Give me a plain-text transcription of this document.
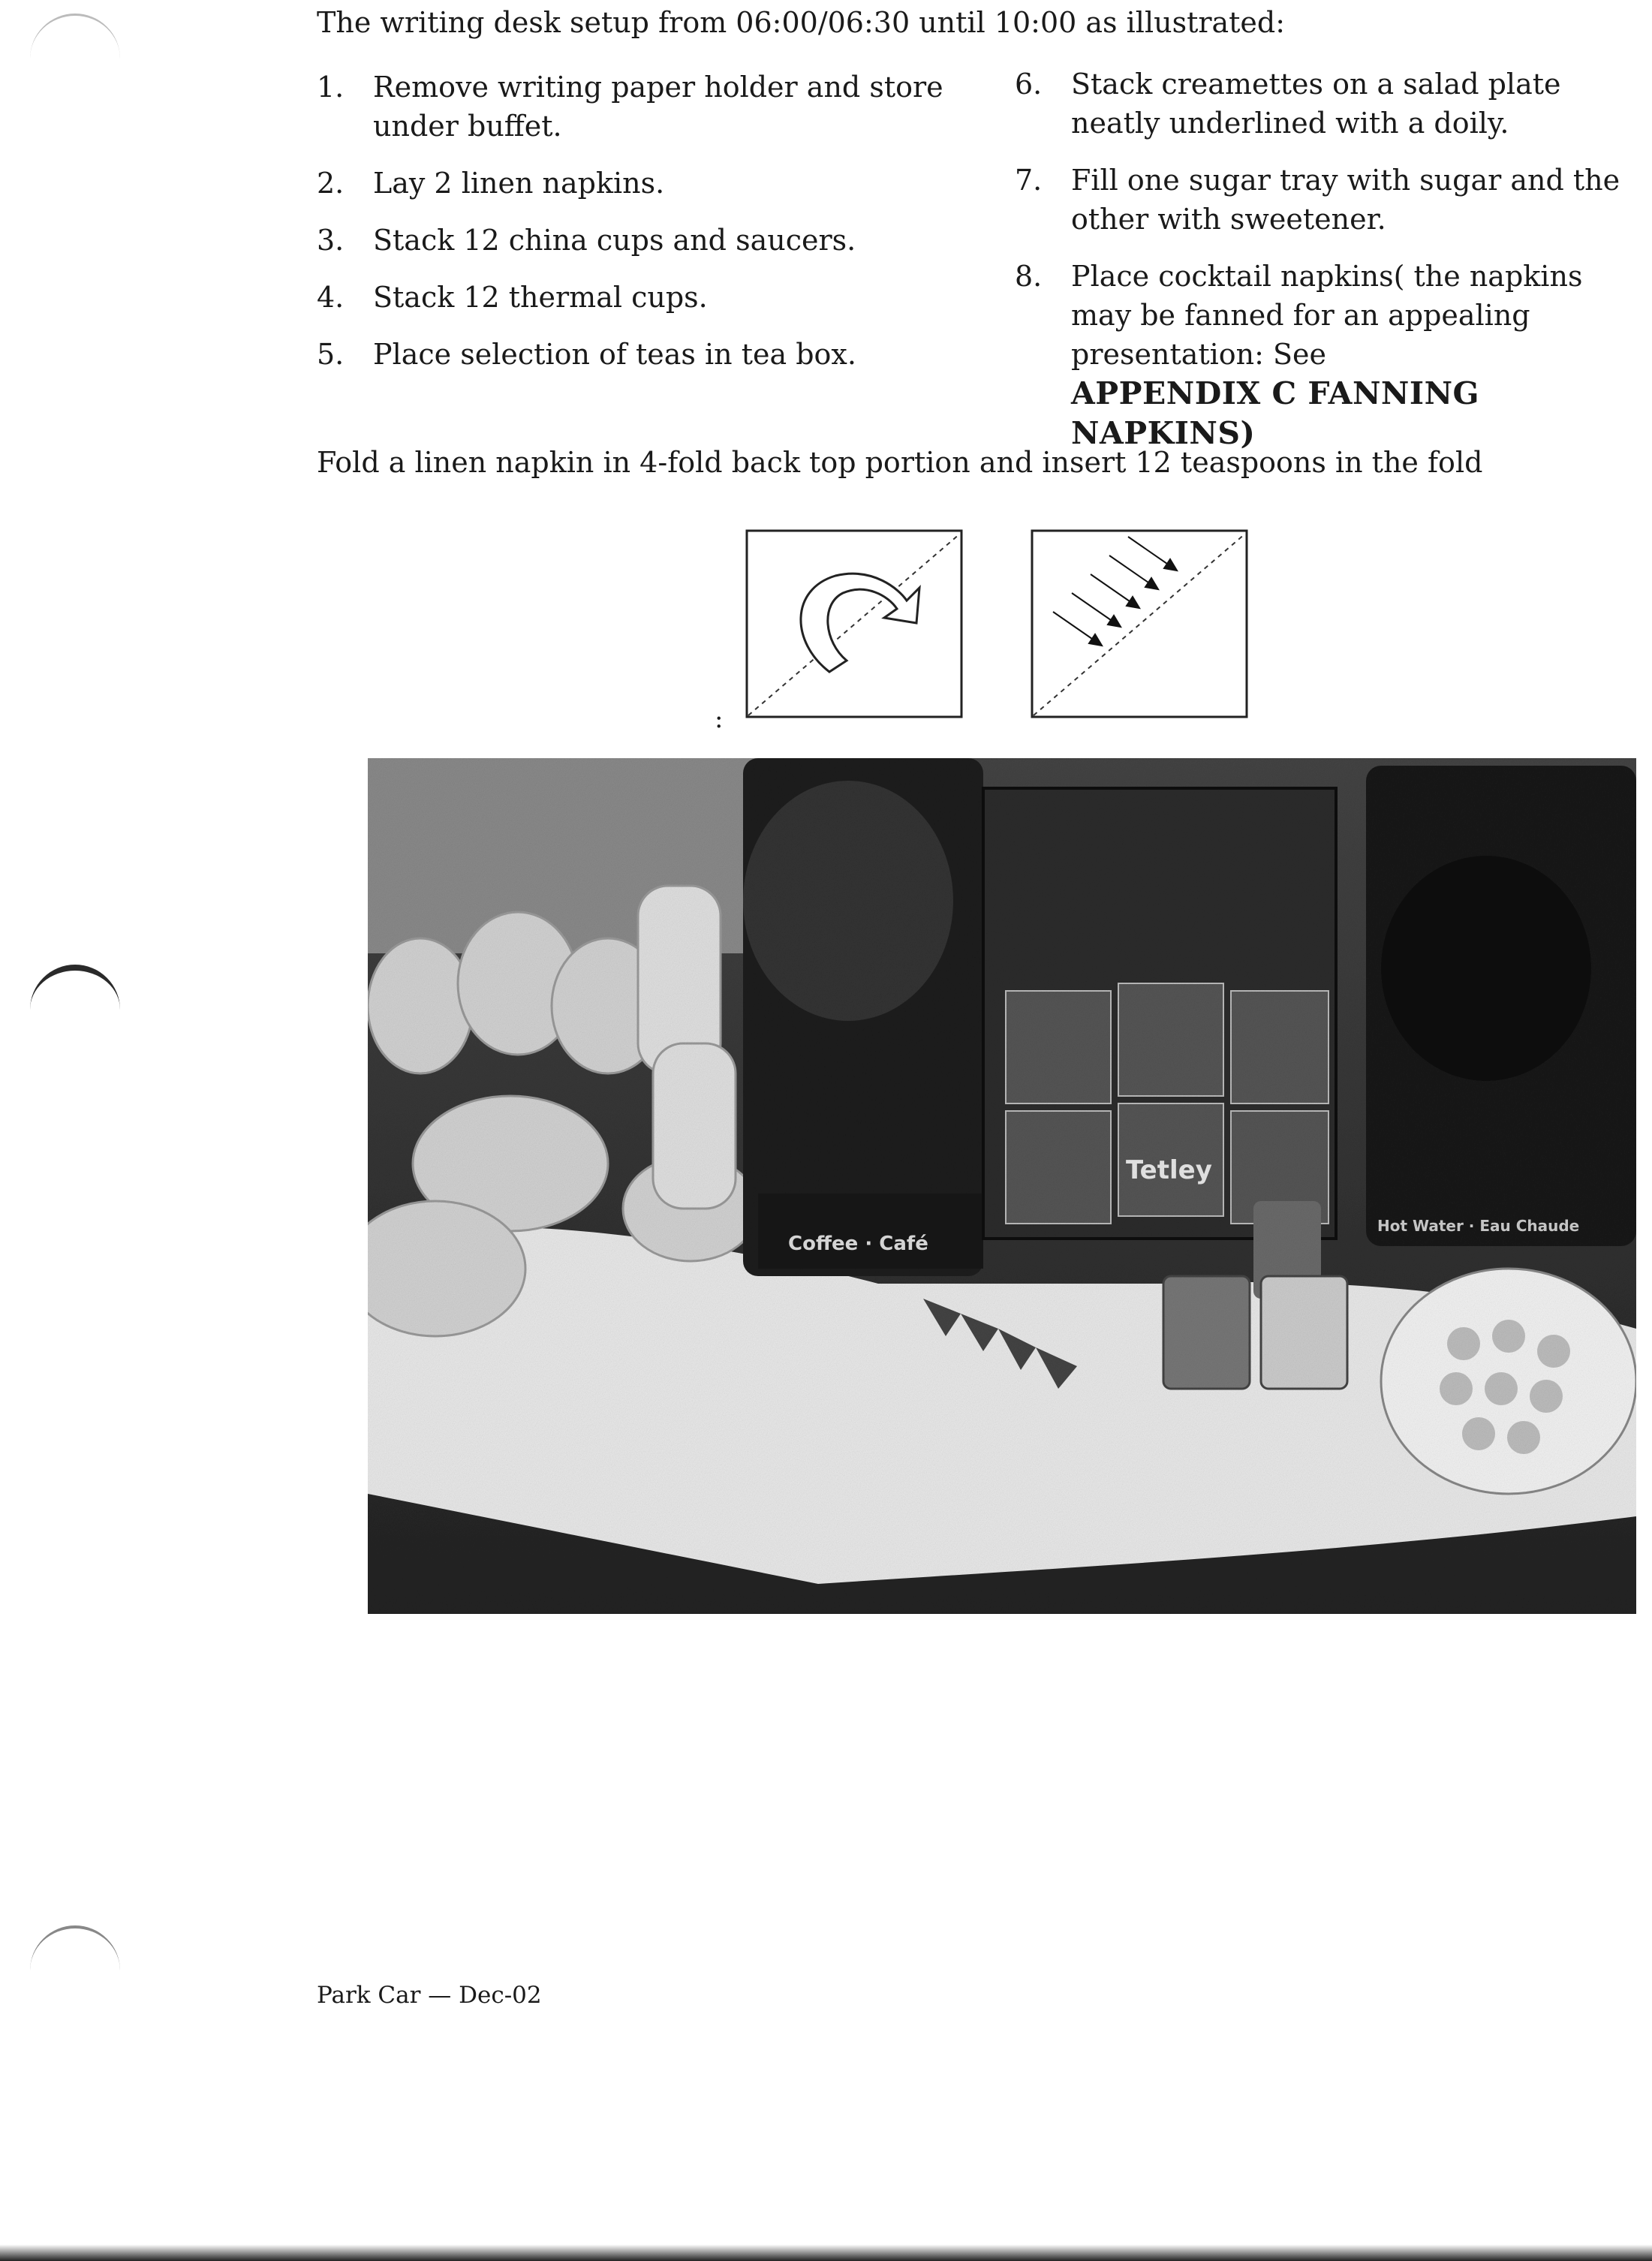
The writing desk setup from 06:00/06:30 until 10:00 as illustrated:

1. Remove writing paper holder and store under buffet.
2. Lay 2 linen napkins.
3. Stack 12 china cups and saucers.
4. Stack 12 thermal cups.
5. Place selection of teas in tea box.
6. Stack creamettes on a salad plate neatly underlined with a doily.
7. Fill one sugar tray with sugar and the other with sweetener.
8. Place cocktail napkins( the napkins may be fanned for an appealing presentation: See
APPENDIX C FANNING NAPKINS)

Fold a linen napkin in 4-fold back top portion and insert 12 teaspoons in the fold

:
Coffee · Café
Tetley
Hot Water · Eau Chaude

Park Car — Dec-02
